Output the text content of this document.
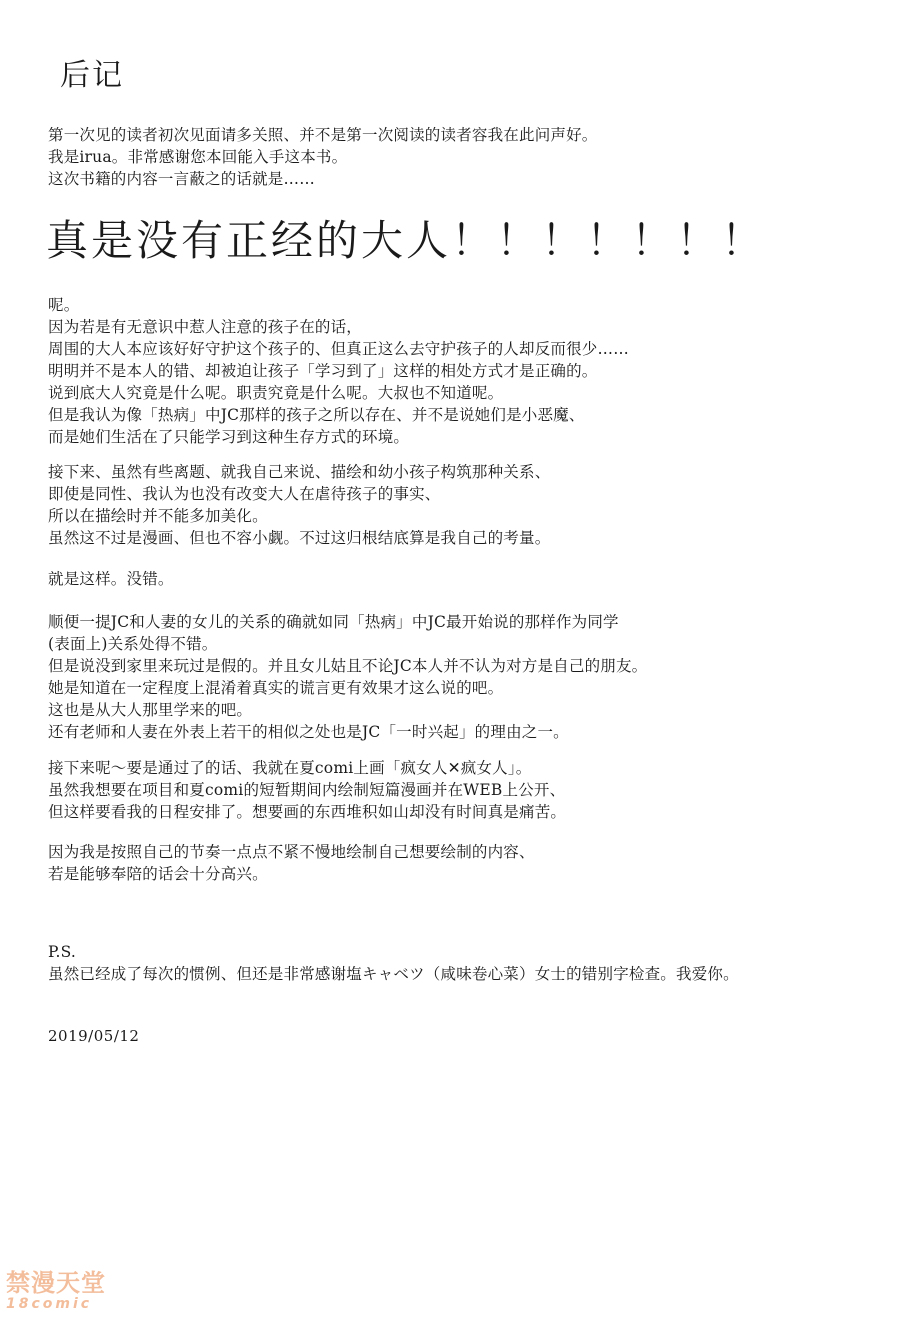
后记
第一次见的读者初次见面请多关照、并不是第一次阅读的读者容我在此问声好。
我是irua。非常感谢您本回能入手这本书。
这次书籍的内容一言蔽之的话就是……
真是没有正经的大人！！！！！！！
呢。
因为若是有无意识中惹人注意的孩子在的话，
周围的大人本应该好好守护这个孩子的、但真正这么去守护孩子的人却反而很少……
明明并不是本人的错、却被迫让孩子「学习到了」这样的相处方式才是正确的。
说到底大人究竟是什么呢。职责究竟是什么呢。大叔也不知道呢。
但是我认为像「热病」中JC那样的孩子之所以存在、并不是说她们是小恶魔、
而是她们生活在了只能学习到这种生存方式的环境。
接下来、虽然有些离题、就我自己来说、描绘和幼小孩子构筑那种关系、
即使是同性、我认为也没有改变大人在虐待孩子的事实、
所以在描绘时并不能多加美化。
虽然这不过是漫画、但也不容小觑。不过这归根结底算是我自己的考量。
就是这样。没错。
顺便一提JC和人妻的女儿的关系的确就如同「热病」中JC最开始说的那样作为同学
(表面上)关系处得不错。
但是说没到家里来玩过是假的。并且女儿姑且不论JC本人并不认为对方是自己的朋友。
她是知道在一定程度上混淆着真实的谎言更有效果才这么说的吧。
这也是从大人那里学来的吧。
还有老师和人妻在外表上若干的相似之处也是JC「一时兴起」的理由之一。
接下来呢～要是通过了的话、我就在夏comi上画「疯女人✕疯女人」。
虽然我想要在项目和夏comi的短暂期间内绘制短篇漫画并在WEB上公开、
但这样要看我的日程安排了。想要画的东西堆积如山却没有时间真是痛苦。
因为我是按照自己的节奏一点点不紧不慢地绘制自己想要绘制的内容、
若是能够奉陪的话会十分高兴。
P.S.
虽然已经成了每次的惯例、但还是非常感谢塩キャベツ（咸味卷心菜）女士的错别字检查。我爱你。
2019/05/12
禁漫天堂
18comic
